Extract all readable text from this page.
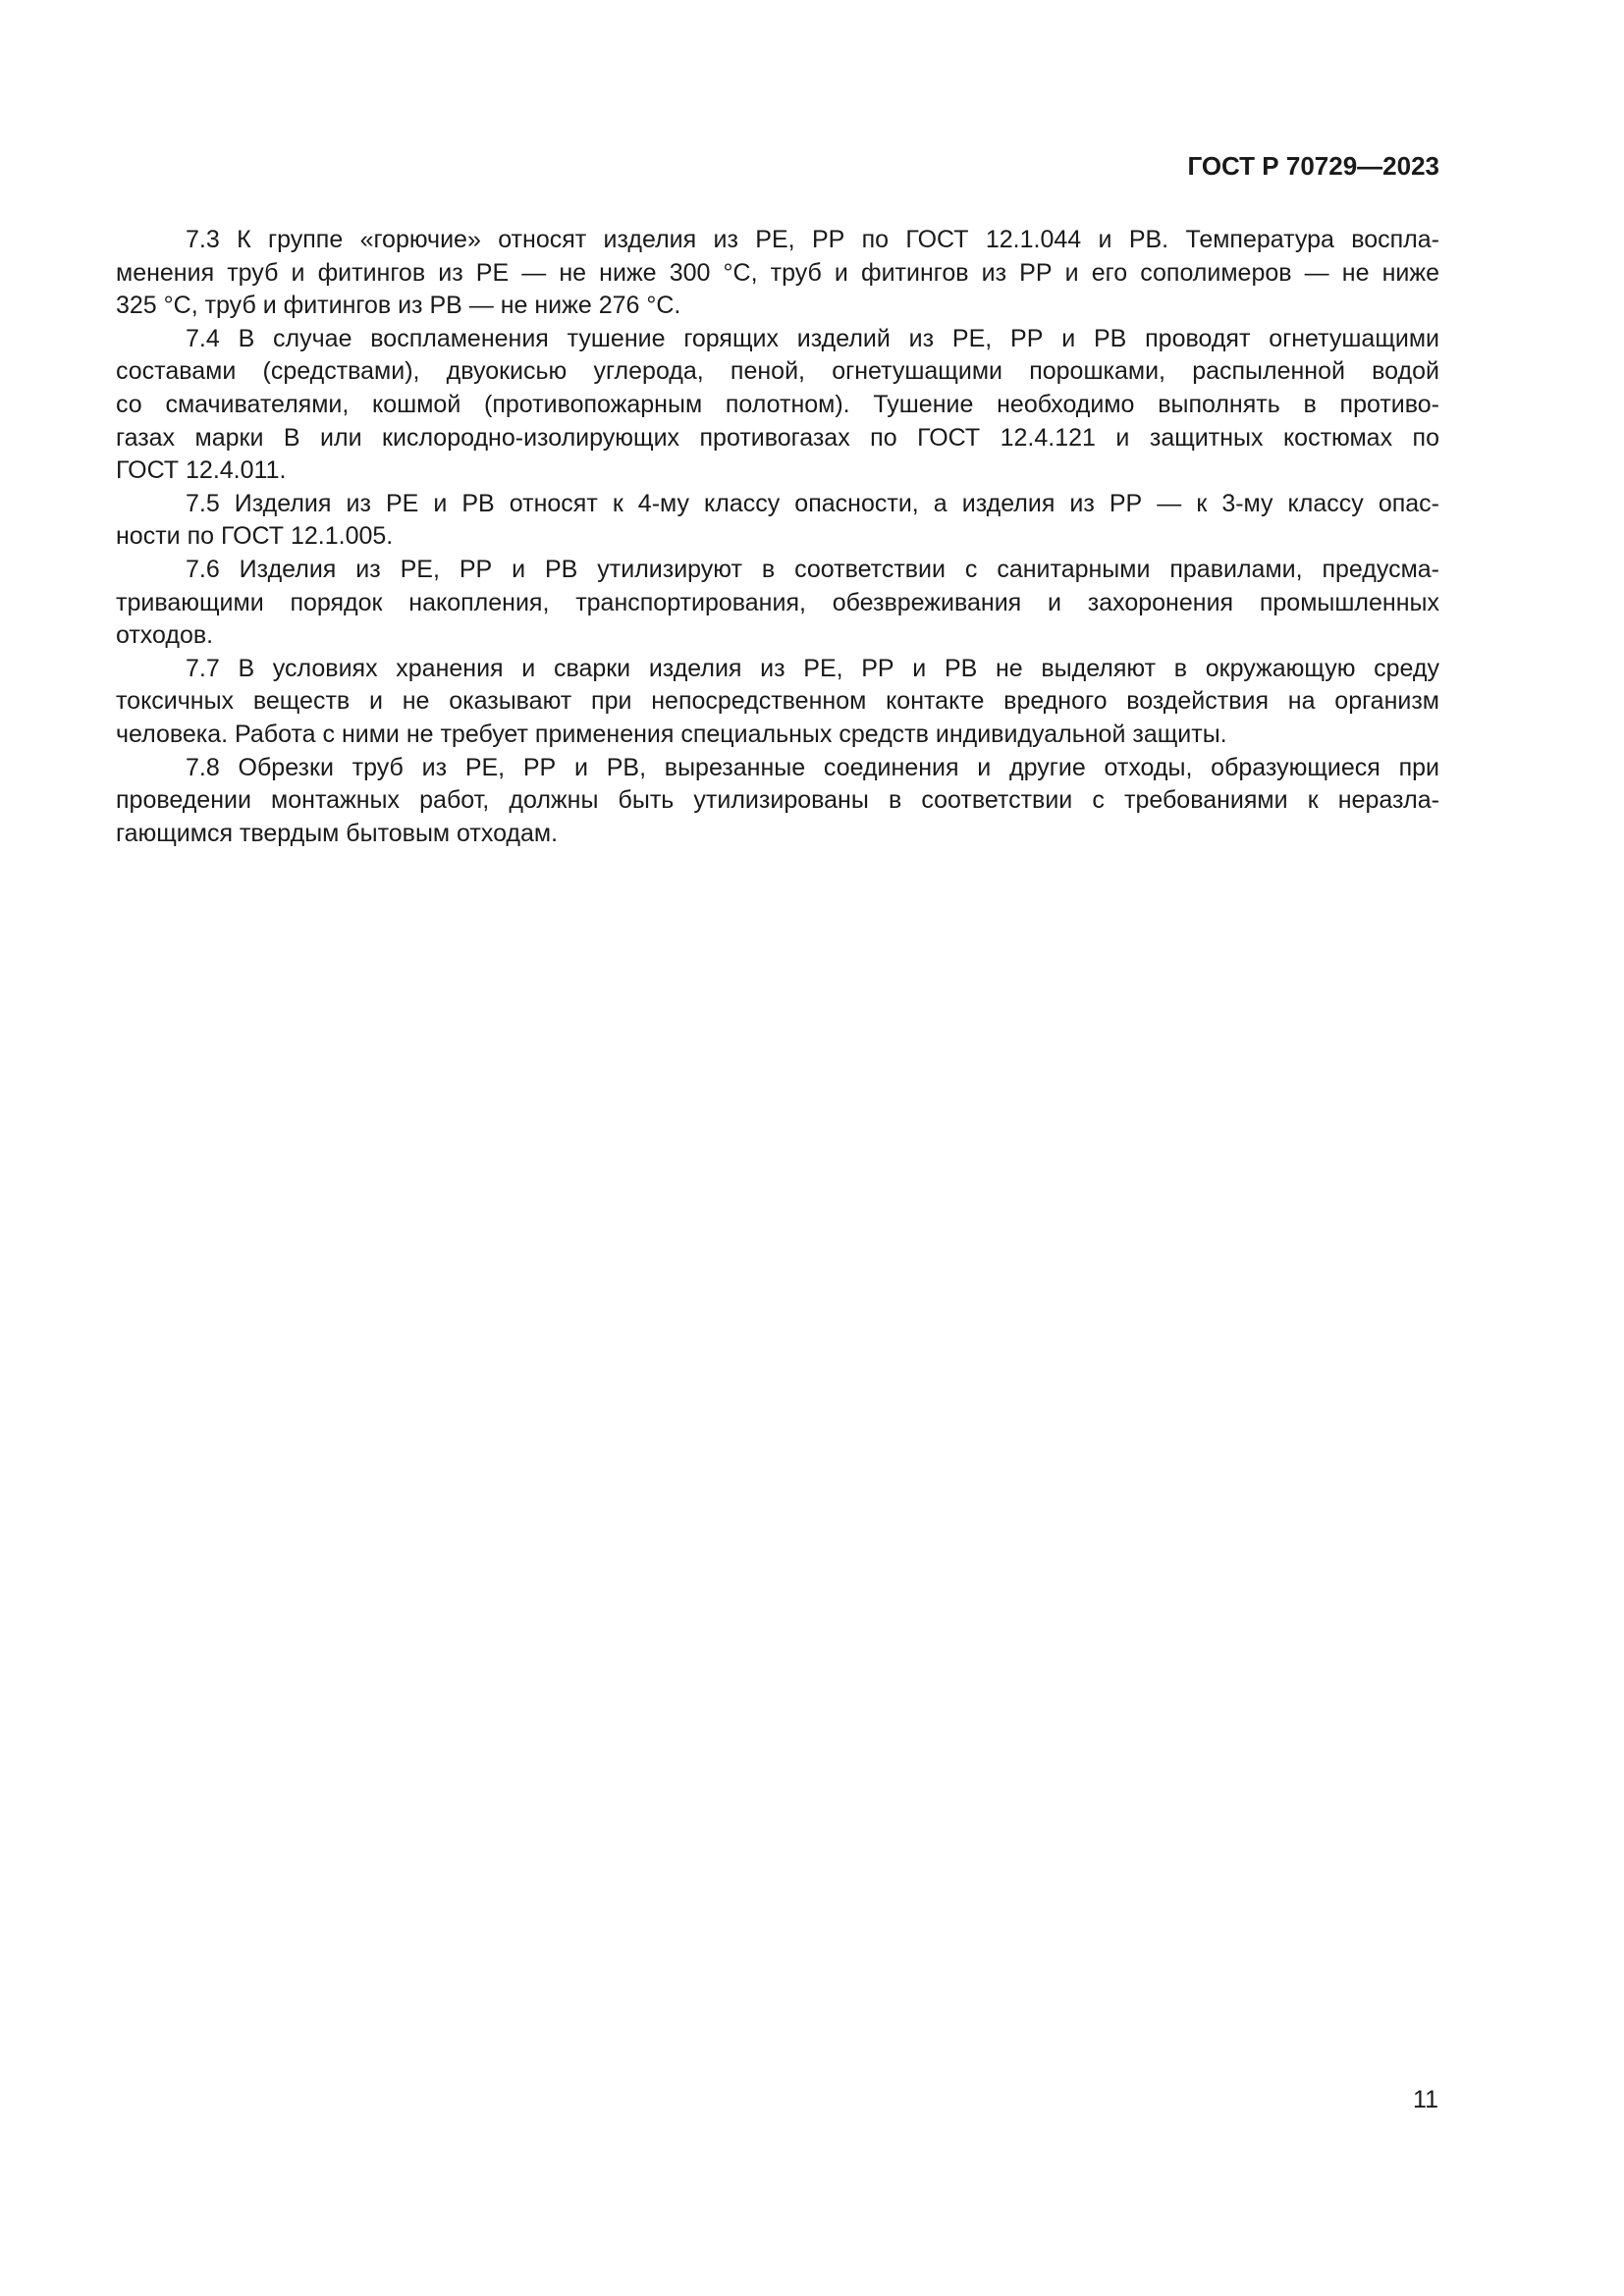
ГОСТ Р 70729—2023

7.3 К группе «горючие» относят изделия из РЕ, РР по ГОСТ 12.1.044 и РВ. Температура воспла-
менения труб и фитингов из РЕ — не ниже 300 °С, труб и фитингов из РР и его сополимеров — не ниже
325 °С, труб и фитингов из РВ — не ниже 276 °С.

7.4 В случае воспламенения тушение горящих изделий из РЕ, РР и РВ проводят огнетушащими
составами (средствами), двуокисью углерода, пеной, огнетушащими порошками, распыленной водой
со смачивателями, кошмой (противопожарным полотном). Тушение необходимо выполнять в противо-
газах марки В или кислородно-изолирующих противогазах по ГОСТ 12.4.121 и защитных костюмах по
ГОСТ 12.4.011.

7.5 Изделия из РЕ и РВ относят к 4-му классу опасности, а изделия из РР — к 3-му классу опас-
ности по ГОСТ 12.1.005.

7.6 Изделия из РЕ, РР и РВ утилизируют в соответствии с санитарными правилами, предусма-
тривающими порядок накопления, транспортирования, обезвреживания и захоронения промышленных
отходов.

7.7 В условиях хранения и сварки изделия из РЕ, РР и РВ не выделяют в окружающую среду
токсичных веществ и не оказывают при непосредственном контакте вредного воздействия на организм
человека. Работа с ними не требует применения специальных средств индивидуальной защиты.

7.8 Обрезки труб из РЕ, РР и РВ, вырезанные соединения и другие отходы, образующиеся при
проведении монтажных работ, должны быть утилизированы в соответствии с требованиями к неразла-
гающимся твердым бытовым отходам.

11
